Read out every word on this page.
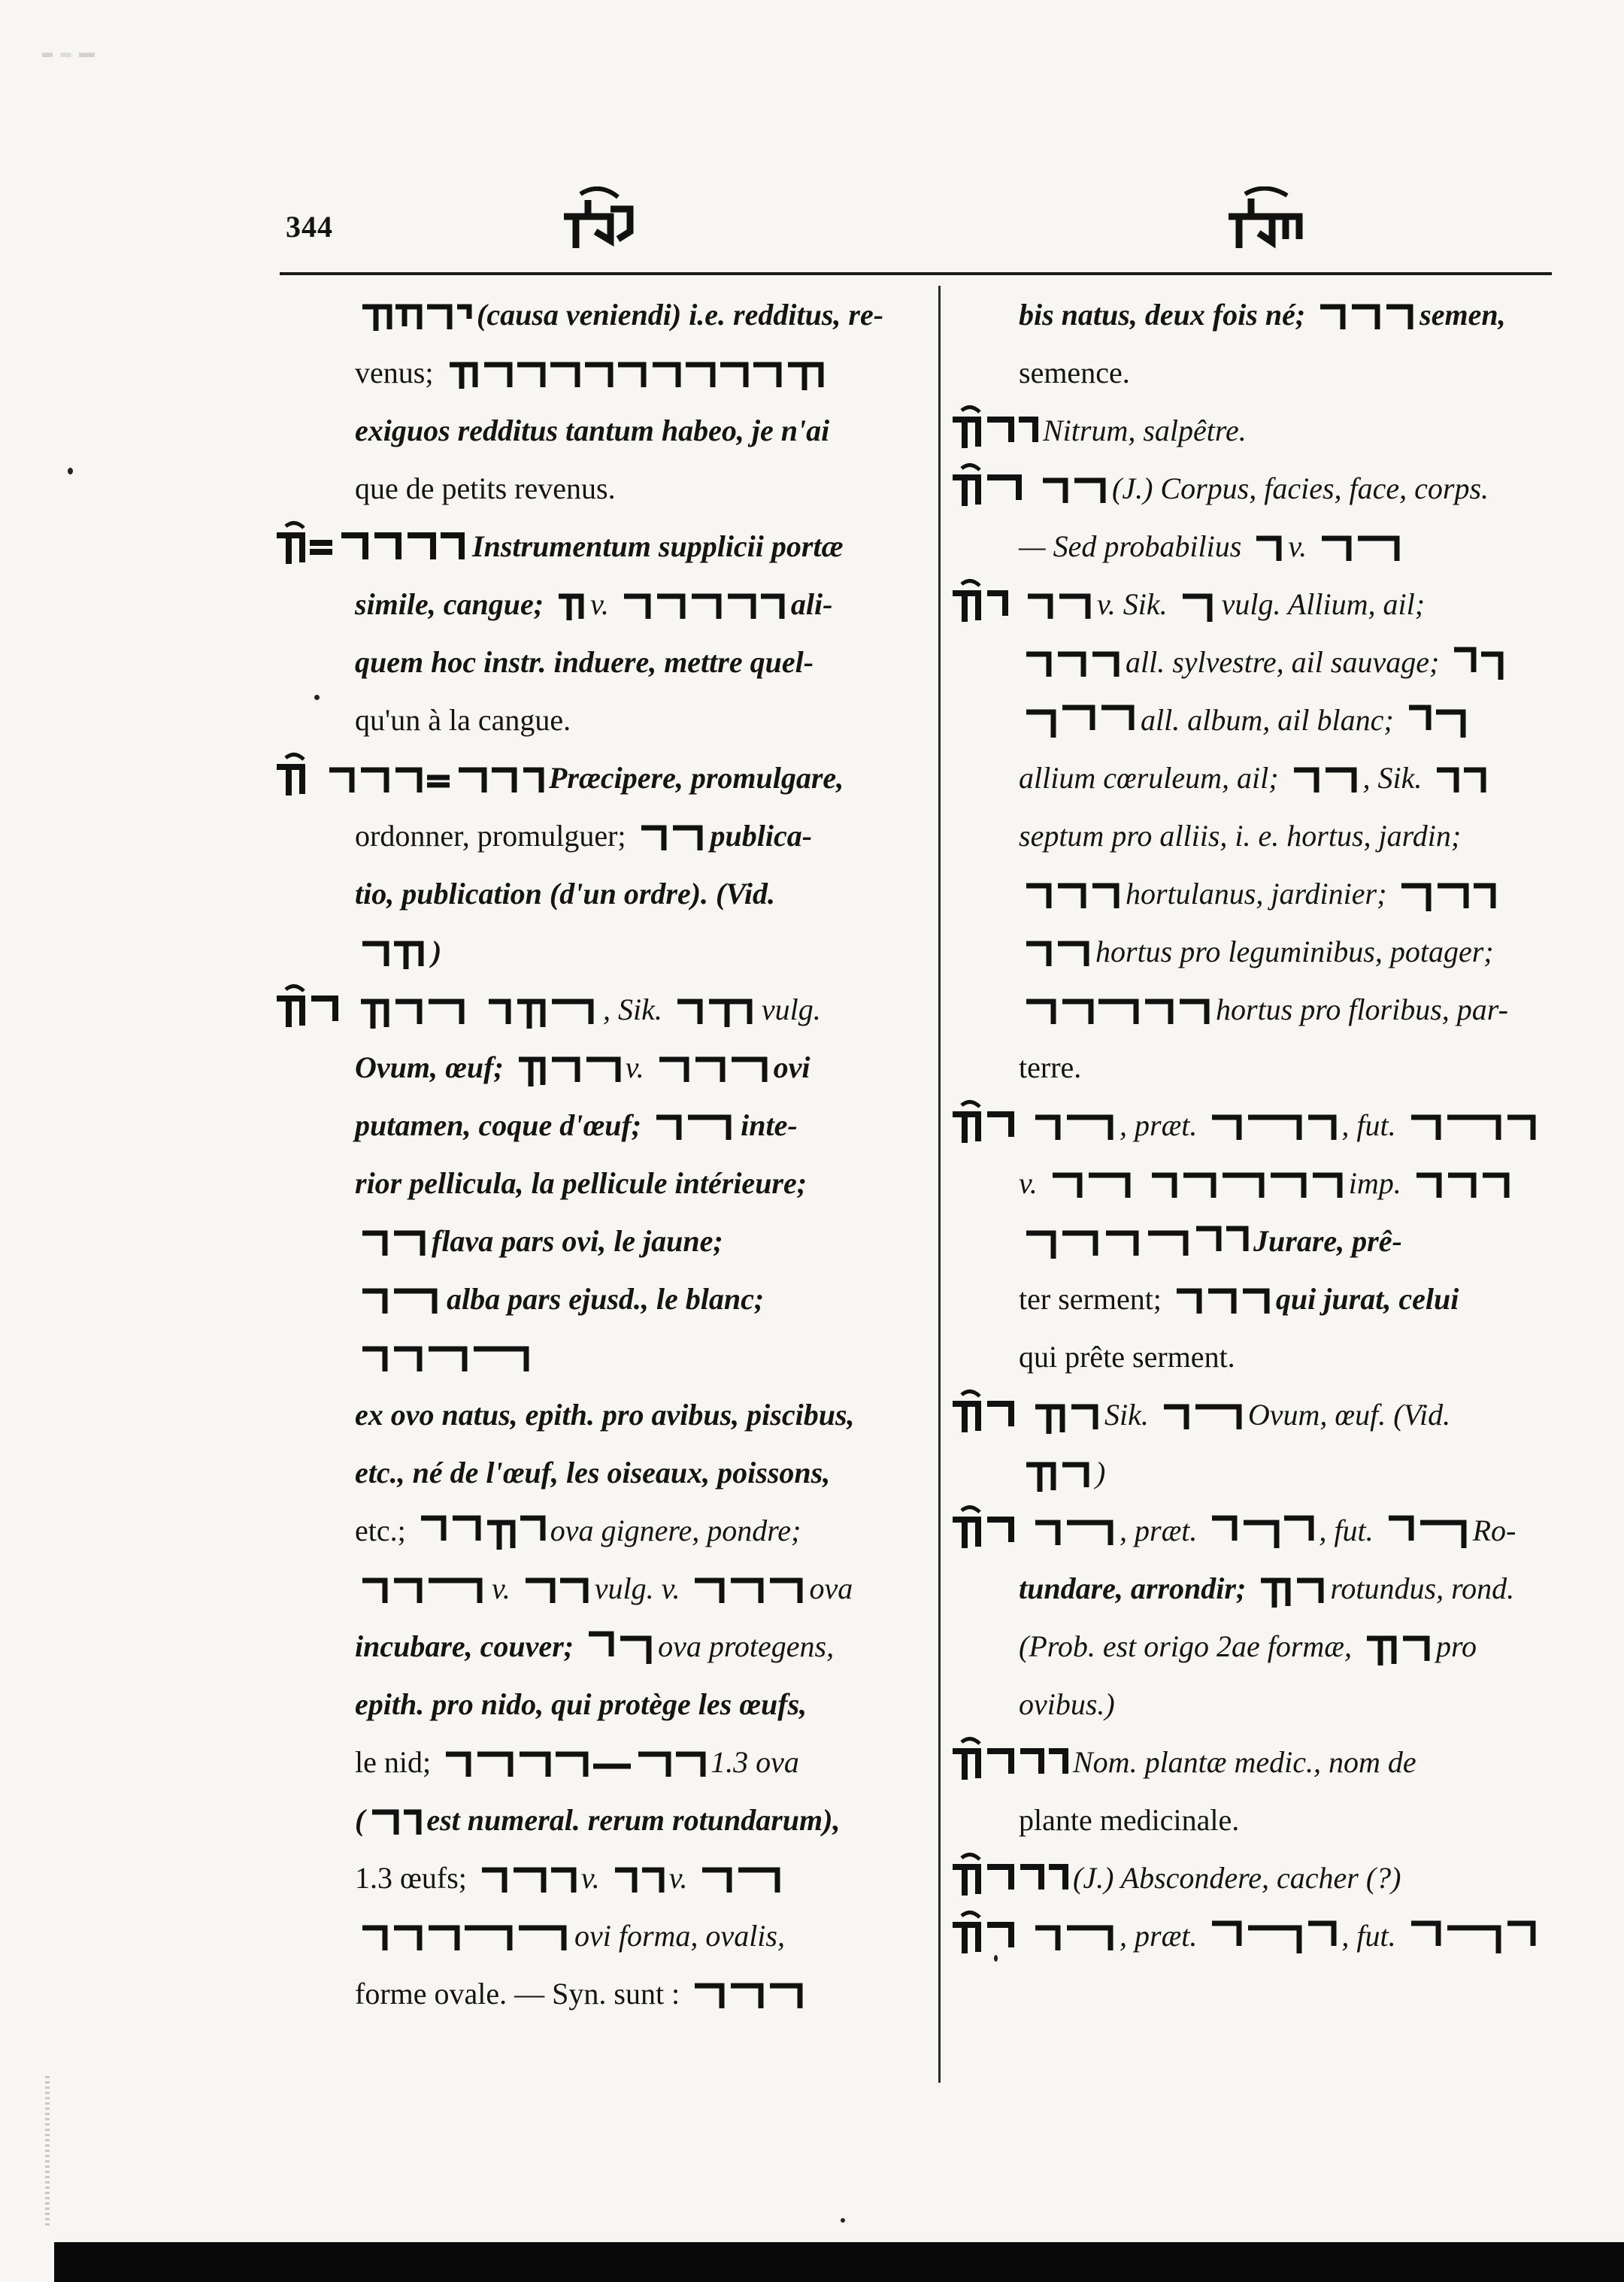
344

(causa veniendi) i.e. redditus, re-

venus;

exiguos redditus tantum habeo, je n'ai

que de petits revenus.

Instrumentum supplicii portæ

simile, cangue; v.	ali-

quem hoc instr. induere, mettre quel-

qu'un à la cangue.

Præcipere, promulgare,

ordonner, promulguer;	publica-

tio, publication (d'un ordre). (Vid.

)

, Sik.	vulg.

Ovum, œuf;	v.	ovi

putamen, coque d'œuf;	inte-

rior pellicula, la pellicule intérieure;

flava pars ovi, le jaune;

alba pars ejusd., le blanc;

ex ovo natus, epith. pro avibus, piscibus,

etc., né de l'œuf, les oiseaux, poissons,

etc.;	ova gignere, pondre;

v.	vulg. v.	ova

incubare, couver;	ova protegens,

epith. pro nido, qui protège les œufs,

le nid;	1.3 ova

( est numeral. rerum rotundarum),

1.3 œufs;	v. v.

ovi forma, ovalis,

forme ovale. — Syn. sunt :

bis natus, deux fois né;	semen,

semence.

Nitrum, salpêtre.

(J.) Corpus, facies, face, corps.

— Sed probabilius v.

v. Sik. vulg. Allium, ail;

all. sylvestre, ail sauvage;

all. album, ail blanc;

allium cœruleum, ail;	, Sik.

septum pro alliis, i. e. hortus, jardin;

hortulanus, jardinier;

hortus pro leguminibus, potager;

hortus pro floribus, par-

terre.

, præt.	, fut.

v.
	imp.

Jurare, prê-

ter serment;	qui jurat, celui

qui prête serment.

Sik.	Ovum, œuf. (Vid.

)

, præt.	, fut.	Ro-

tundare, arrondir;	rotundus, rond.

(Prob. est origo 2ae formæ,	pro

ovibus.)

Nom. plantæ medic., nom de

plante medicinale.

(J.) Abscondere, cacher (?)

, præt.	, fut.
